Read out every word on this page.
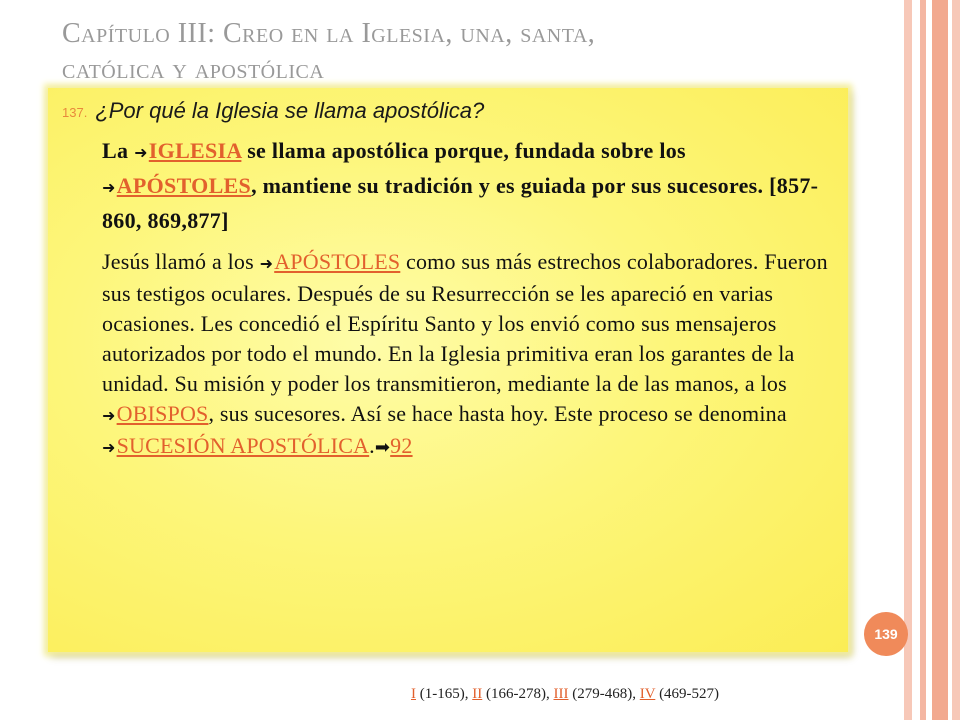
Capítulo III: Creo en la Iglesia, una, santa,
católica y apostólica
137. ¿Por qué la Iglesia se llama apostólica?
La ➜IGLESIA se llama apostólica porque, fundada sobre los ➜APÓSTOLES, mantiene su tradición y es guiada por sus sucesores. [857-860, 869,877]
Jesús llamó a los ➜APÓSTOLES como sus más estrechos colaboradores. Fueron sus testigos oculares. Después de su Resurrección se les apareció en varias ocasiones. Les concedió el Espíritu Santo y los envió como sus mensajeros autorizados por todo el mundo. En la Iglesia primitiva eran los garantes de la unidad. Su misión y poder los transmitieron, mediante la de las manos, a los ➜OBISPOS, sus sucesores. Así se hace hasta hoy. Este proceso se denomina ➜SUCESIÓN APOSTÓLICA.➡92
139
I (1-165), II (166-278), III (279-468), IV (469-527)
